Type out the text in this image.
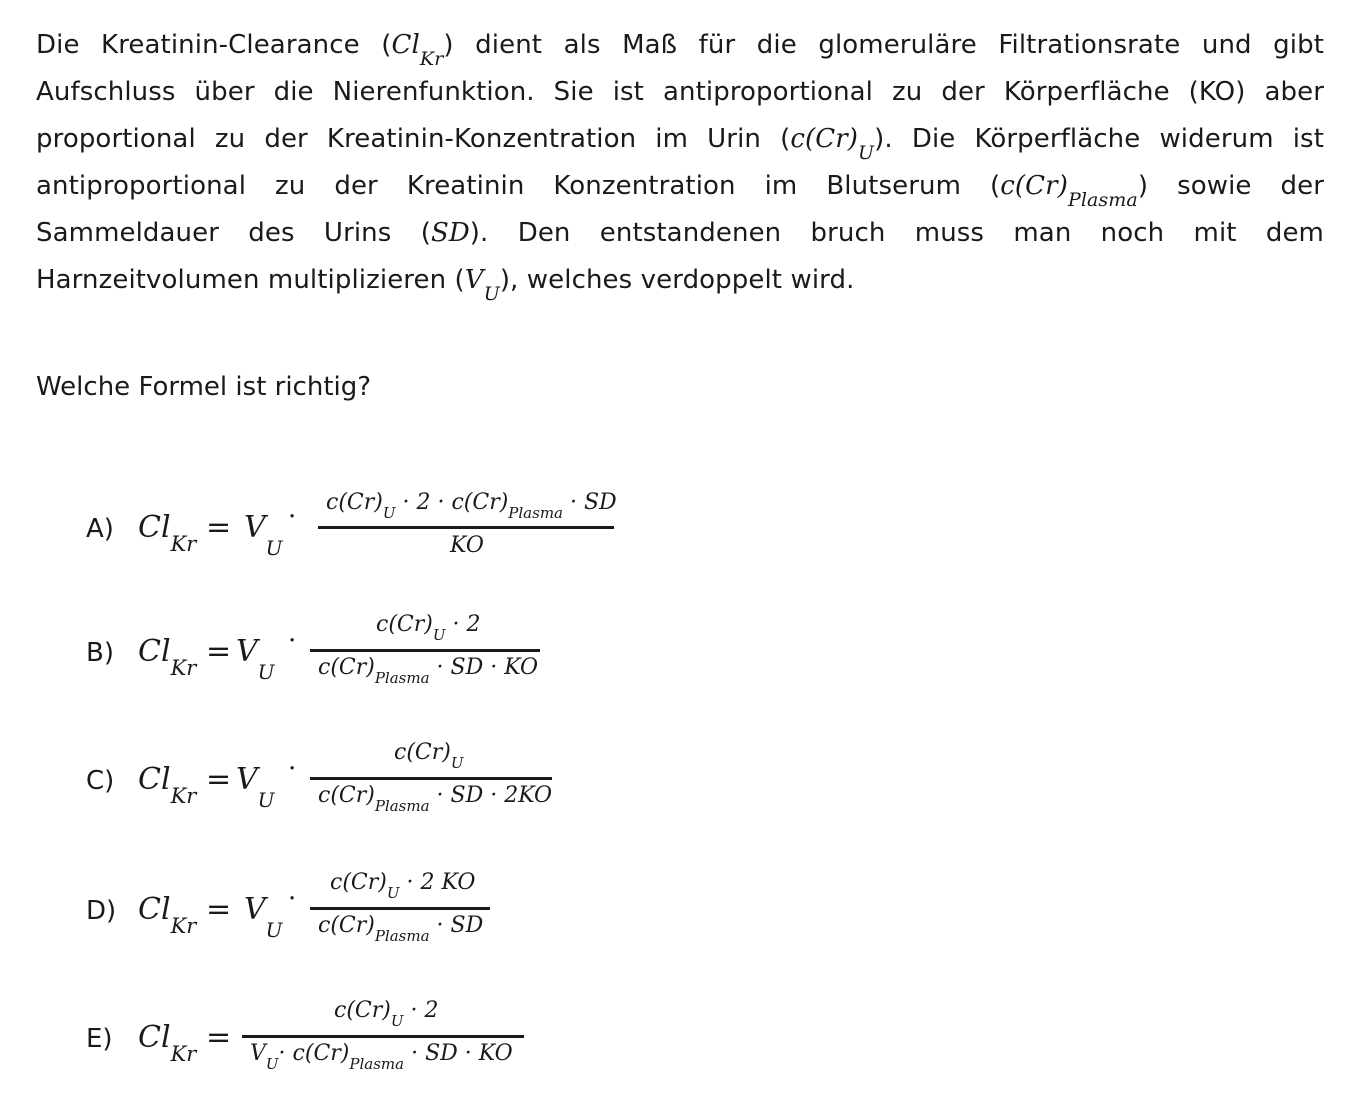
Die Kreatinin-Clearance $(Cl_{Kr})$ dient als Maß für die glomeruläre Filtrationsrate und gibt Aufschluss über die Nierenfunktion. Sie ist antiproportional zu der Körperfläche (KO) aber proportional zu der Kreatinin-Konzentration im Urin $(c(Cr)_U)$. Die Körperfläche widerum ist antiproportional zu der Kreatinin Konzentration im Blutserum $(c(Cr)_{Plasma})$ sowie der Sammeldauer des Urins (SD). Den entstandenen bruch muss man noch mit dem Harnzeitvolumen multiplizieren $(V_U)$, welches verdoppelt wird.

Welche Formel ist richtig?

A) $Cl_{Kr} = V_U$
· $c(Cr)_U \cdot 2 \cdot c(Cr)_{Plasma}$ · SD
KO
B) $Cl_{Kr} = V_U$
·
$c(Cr)_U \cdot 2$
$c(Cr)_{Plasma}$ · SD · KO
C) $Cl_{Kr} = V_U$
·
$c(Cr)_U$
$c(Cr)_{Plasma}$ · SD · 2KO
D) $Cl_{Kr} = V_U$
·
$c(Cr)_U \cdot 2$ KO
$c(Cr)_{Plasma}$ · SD
E) $Cl_{Kr}$ =
$c(Cr)_U \cdot 2$
$V_U\cdot c(Cr)_{Plasma}$ · SD · KO
